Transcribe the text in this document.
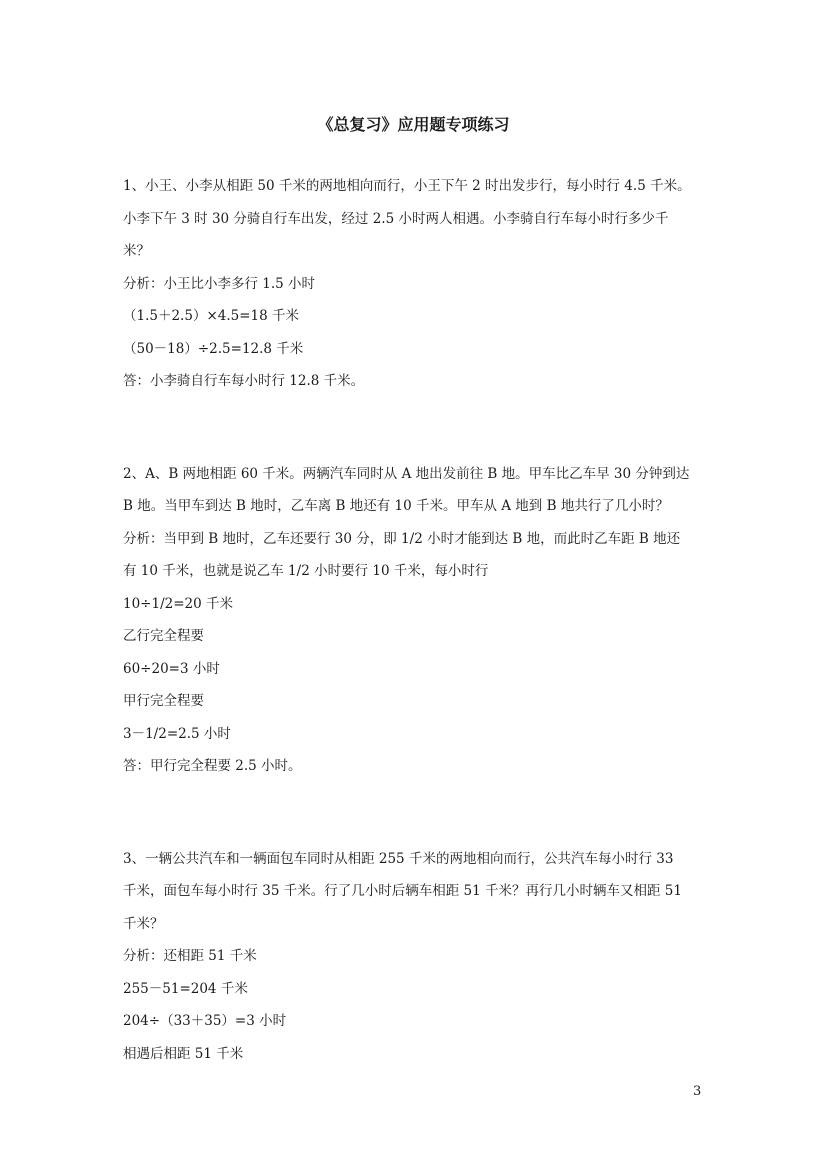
《总复习》应用题专项练习
1、小王、小李从相距 50 千米的两地相向而行，小王下午 2 时出发步行，每小时行 4.5 千米。
小李下午 3 时 30 分骑自行车出发，经过 2.5 小时两人相遇。小李骑自行车每小时行多少千
米？
分析：小王比小李多行 1.5 小时
（1.5＋2.5）×4.5=18 千米
（50－18）÷2.5=12.8 千米
答：小李骑自行车每小时行 12.8 千米。
2、A、B 两地相距 60 千米。两辆汽车同时从 A 地出发前往 B 地。甲车比乙车早 30 分钟到达
B 地。当甲车到达 B 地时，乙车离 B 地还有 10 千米。甲车从 A 地到 B 地共行了几小时？
分析：当甲到 B 地时，乙车还要行 30 分，即 1/2 小时才能到达 B 地，而此时乙车距 B 地还
有 10 千米，也就是说乙车 1/2 小时要行 10 千米，每小时行
10÷1/2=20 千米
乙行完全程要
60÷20=3 小时
甲行完全程要
3－1/2=2.5 小时
答：甲行完全程要 2.5 小时。
3、一辆公共汽车和一辆面包车同时从相距 255 千米的两地相向而行，公共汽车每小时行 33
千米，面包车每小时行 35 千米。行了几小时后辆车相距 51 千米？再行几小时辆车又相距 51
千米？
分析：还相距 51 千米
255－51=204 千米
204÷（33＋35）=3 小时
相遇后相距 51 千米
3
